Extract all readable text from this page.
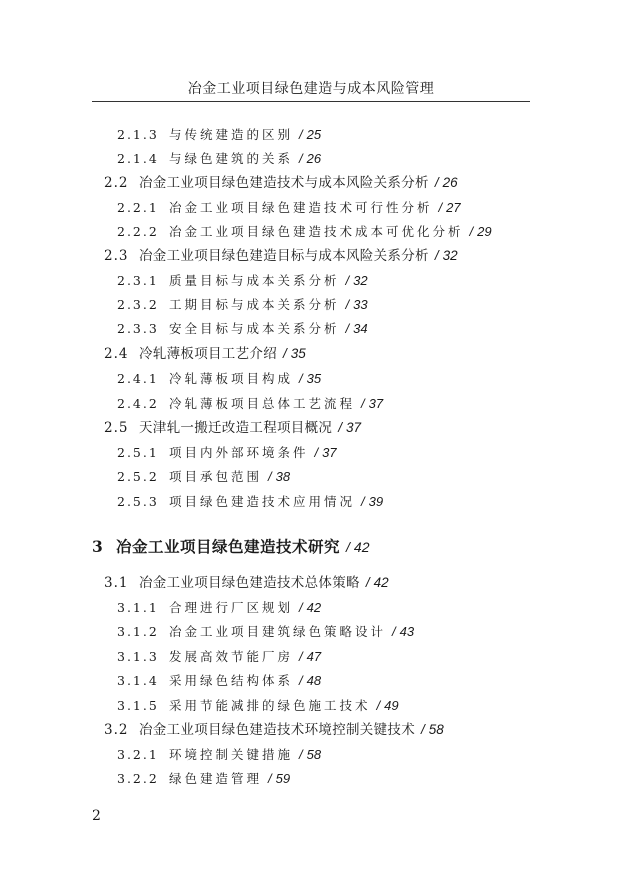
冶金工业项目绿色建造与成本风险管理
2.1.3 与传统建造的区别 / 25
2.1.4 与绿色建筑的关系 / 26
2.2 冶金工业项目绿色建造技术与成本风险关系分析 / 26
2.2.1 冶金工业项目绿色建造技术可行性分析 / 27
2.2.2 冶金工业项目绿色建造技术成本可优化分析 / 29
2.3 冶金工业项目绿色建造目标与成本风险关系分析 / 32
2.3.1 质量目标与成本关系分析 / 32
2.3.2 工期目标与成本关系分析 / 33
2.3.3 安全目标与成本关系分析 / 34
2.4 冷轧薄板项目工艺介绍 / 35
2.4.1 冷轧薄板项目构成 / 35
2.4.2 冷轧薄板项目总体工艺流程 / 37
2.5 天津轧一搬迁改造工程项目概况 / 37
2.5.1 项目内外部环境条件 / 37
2.5.2 项目承包范围 / 38
2.5.3 项目绿色建造技术应用情况 / 39
3 冶金工业项目绿色建造技术研究 / 42
3.1 冶金工业项目绿色建造技术总体策略 / 42
3.1.1 合理进行厂区规划 / 42
3.1.2 冶金工业项目建筑绿色策略设计 / 43
3.1.3 发展高效节能厂房 / 47
3.1.4 采用绿色结构体系 / 48
3.1.5 采用节能减排的绿色施工技术 / 49
3.2 冶金工业项目绿色建造技术环境控制关键技术 / 58
3.2.1 环境控制关键措施 / 58
3.2.2 绿色建造管理 / 59
2
